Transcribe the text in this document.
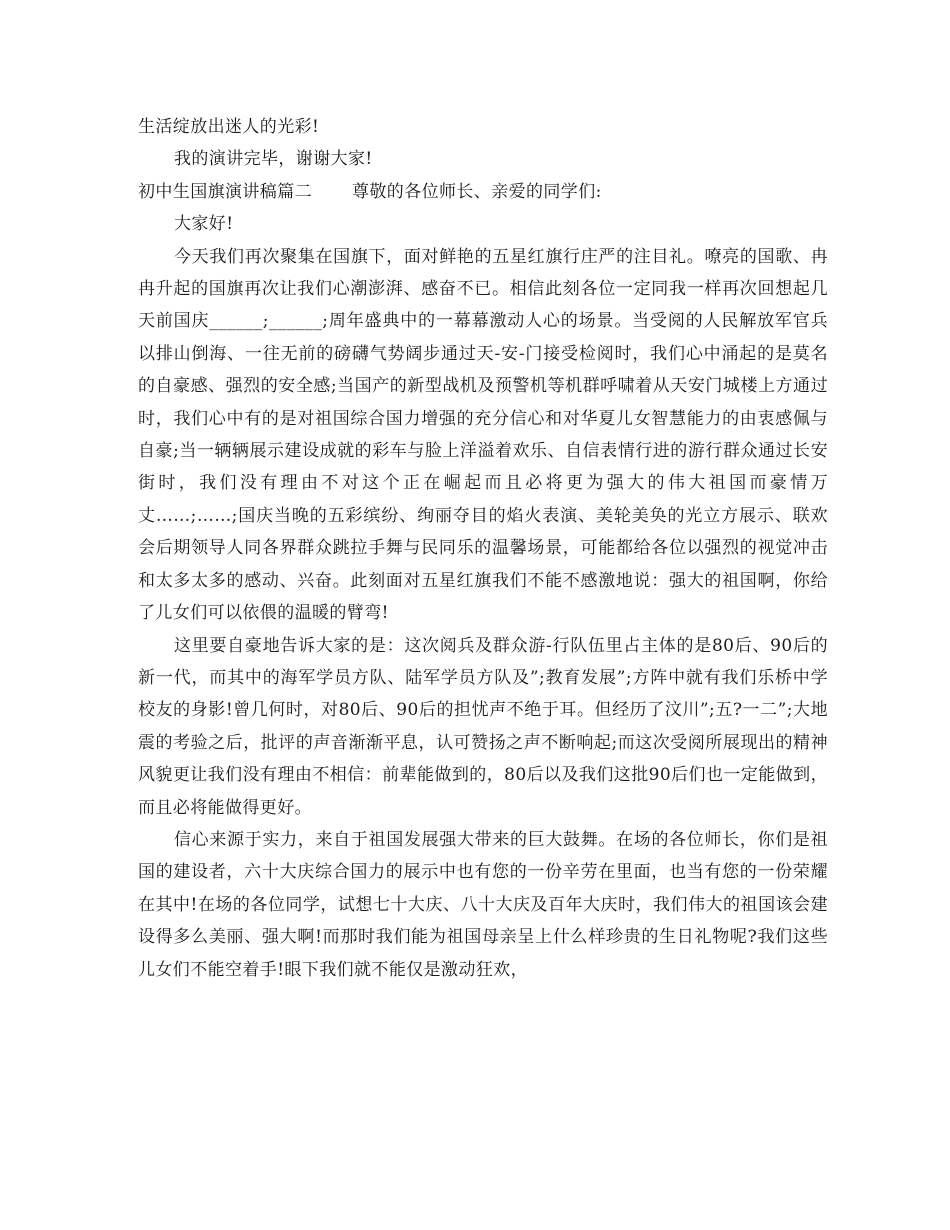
生活绽放出迷人的光彩!

我的演讲完毕，谢谢大家!

初中生国旗演讲稿篇二 尊敬的各位师长、亲爱的同学们:

大家好!

今天我们再次聚集在国旗下，面对鲜艳的五星红旗行庄严的注目礼。嘹亮的国歌、冉冉升起的国旗再次让我们心潮澎湃、感奋不已。相信此刻各位一定同我一样再次回想起几天前国庆______;______;周年盛典中的一幕幕激动人心的场景。当受阅的人民解放军官兵以排山倒海、一往无前的磅礴气势阔步通过天-安-门接受检阅时，我们心中涌起的是莫名的自豪感、强烈的安全感;当国产的新型战机及预警机等机群呼啸着从天安门城楼上方通过时，我们心中有的是对祖国综合国力增强的充分信心和对华夏儿女智慧能力的由衷感佩与自豪;当一辆辆展示建设成就的彩车与脸上洋溢着欢乐、自信表情行进的游行群众通过长安街时，我们没有理由不对这个正在崛起而且必将更为强大的伟大祖国而豪情万丈……;……;国庆当晚的五彩缤纷、绚丽夺目的焰火表演、美轮美奂的光立方展示、联欢会后期领导人同各界群众跳拉手舞与民同乐的温馨场景，可能都给各位以强烈的视觉冲击和太多太多的感动、兴奋。此刻面对五星红旗我们不能不感激地说：强大的祖国啊，你给了儿女们可以依偎的温暖的臂弯!

这里要自豪地告诉大家的是：这次阅兵及群众游-行队伍里占主体的是80后、90后的新一代，而其中的海军学员方队、陆军学员方队及”;教育发展”;方阵中就有我们乐桥中学校友的身影!曾几何时，对80后、90后的担忧声不绝于耳。但经历了汶川”;五?一二”;大地震的考验之后，批评的声音渐渐平息，认可赞扬之声不断响起;而这次受阅所展现出的精神风貌更让我们没有理由不相信：前辈能做到的，80后以及我们这批90后们也一定能做到，而且必将能做得更好。

信心来源于实力，来自于祖国发展强大带来的巨大鼓舞。在场的各位师长，你们是祖国的建设者，六十大庆综合国力的展示中也有您的一份辛劳在里面，也当有您的一份荣耀在其中!在场的各位同学，试想七十大庆、八十大庆及百年大庆时，我们伟大的祖国该会建设得多么美丽、强大啊!而那时我们能为祖国母亲呈上什么样珍贵的生日礼物呢?我们这些儿女们不能空着手!眼下我们就不能仅是激动狂欢，
